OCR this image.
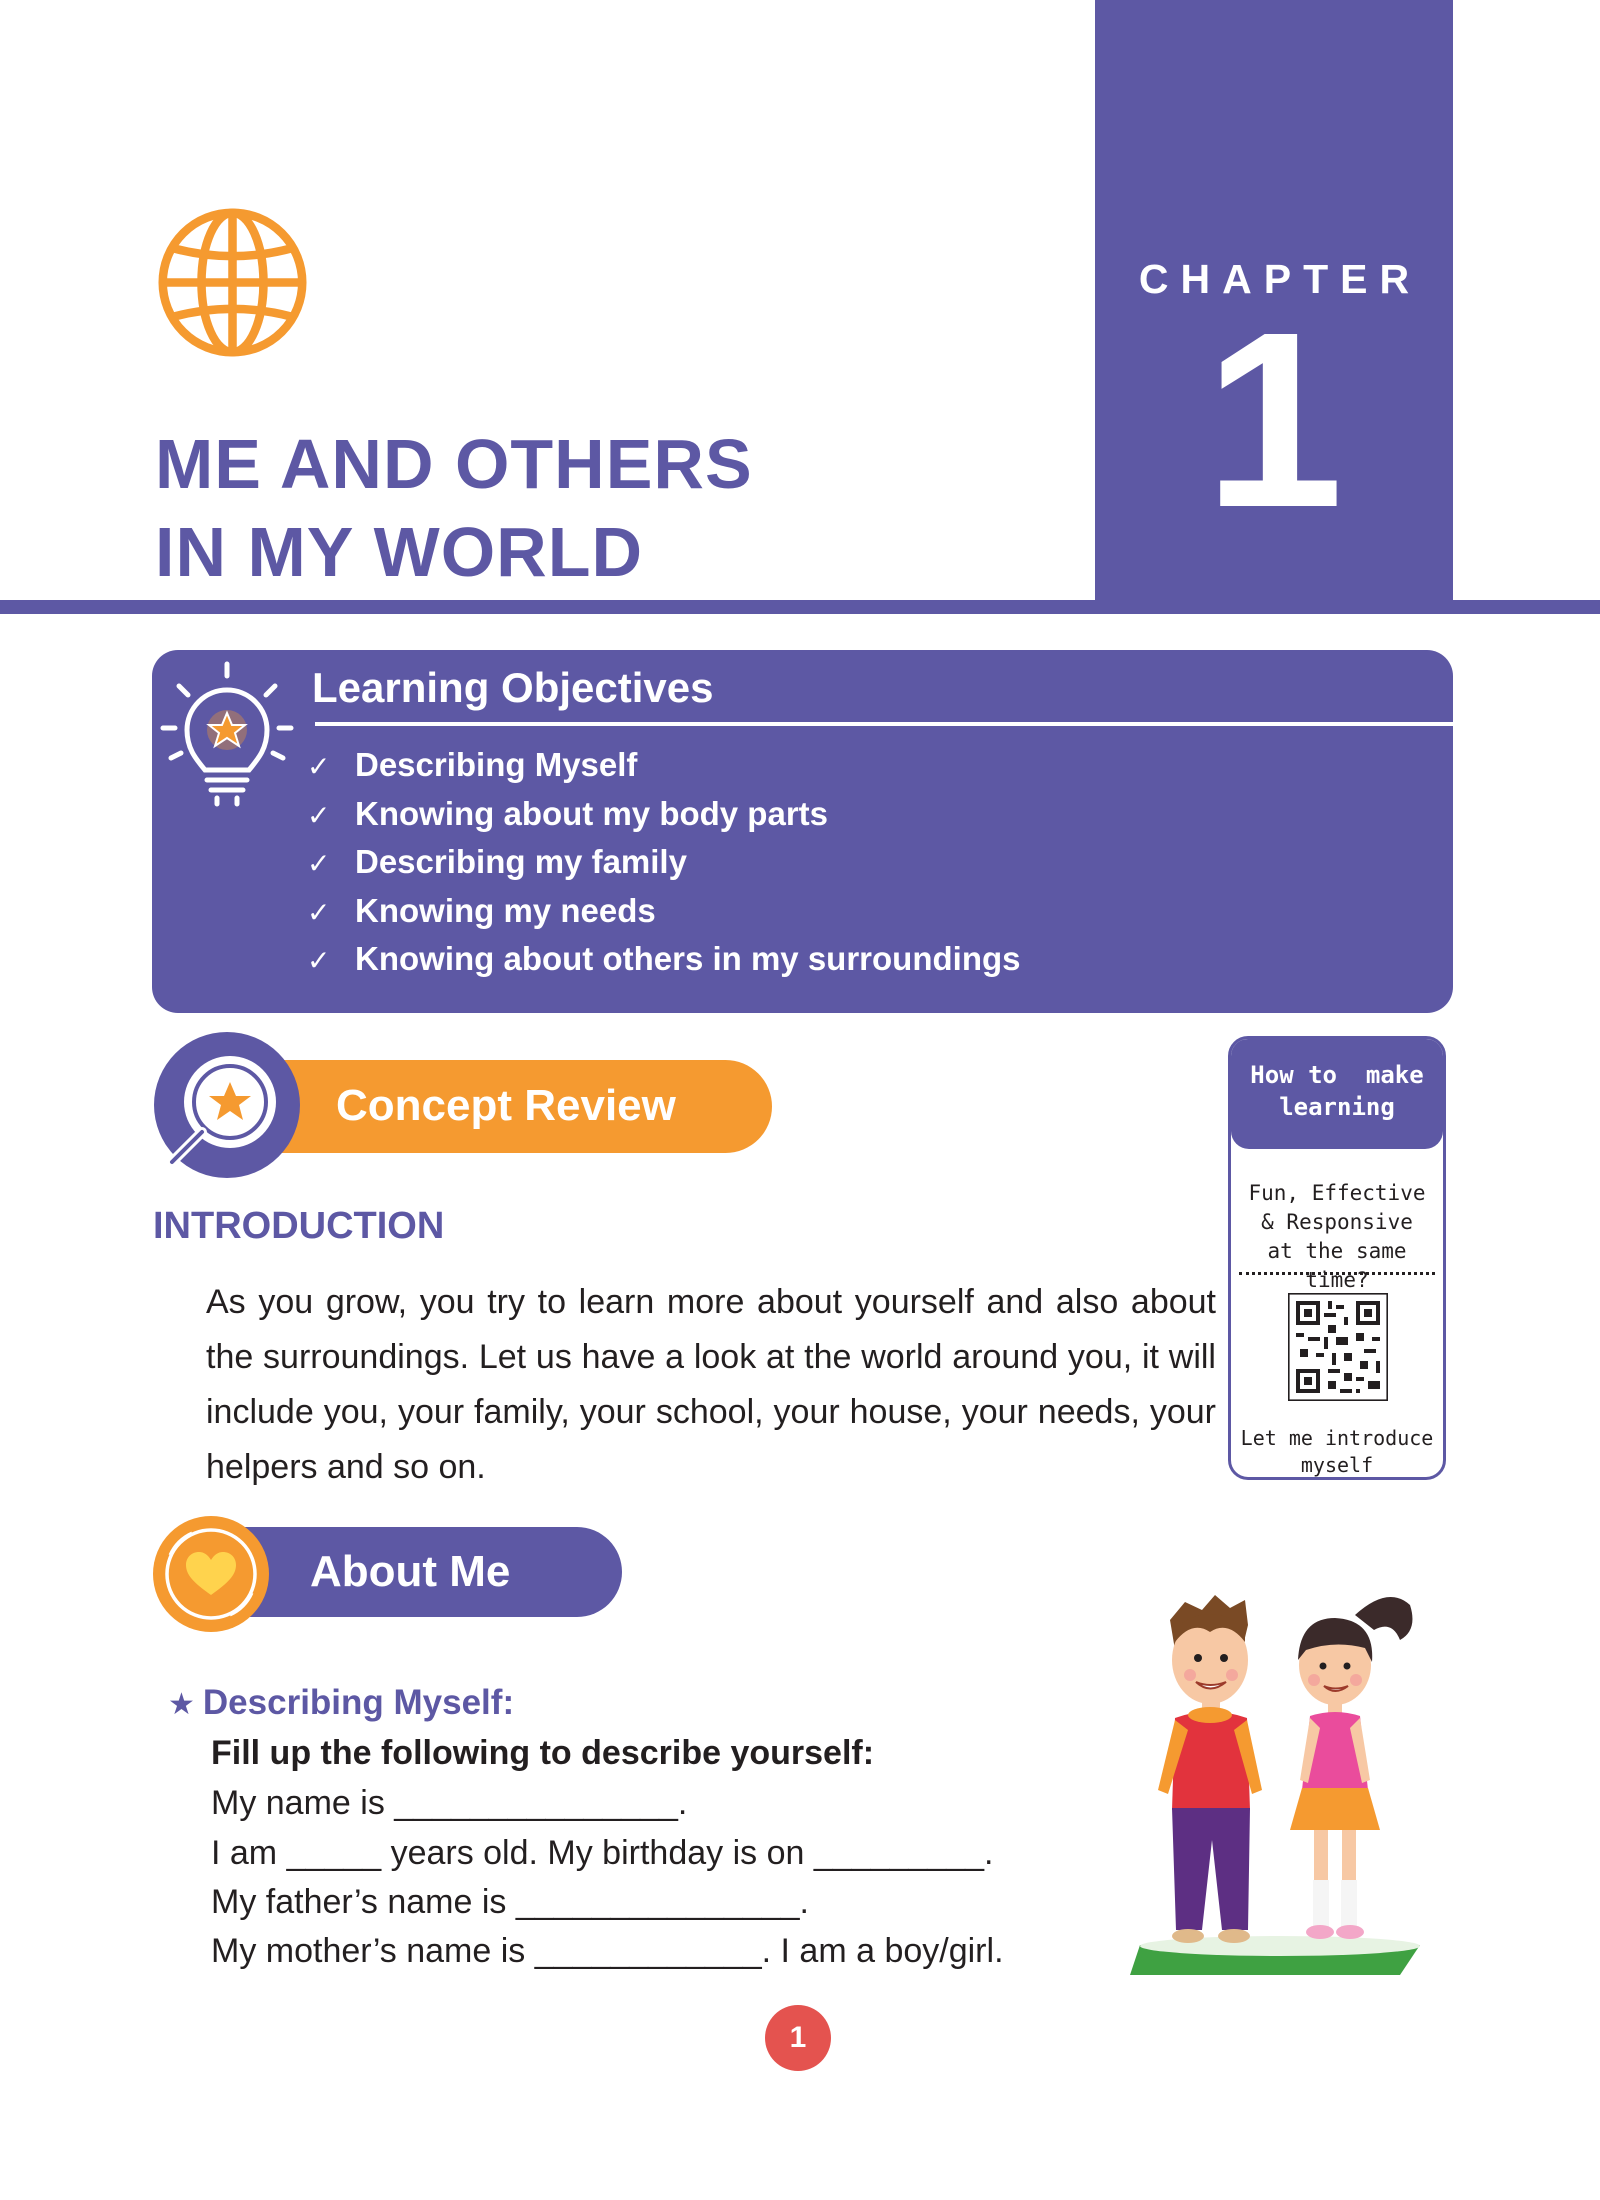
CHAPTER
1
ME AND OTHERS
IN MY WORLD
Learning Objectives
✓ Describing Myself
✓ Knowing about my body parts
✓ Describing my family
✓ Knowing my needs
✓ Knowing about others in my surroundings
Concept Review
INTRODUCTION

As you grow, you try to learn more about yourself and also about the surroundings. Let us have a look at the world around you, it will include you, your family, your school, your house, your needs, your helpers and so on.

How to  make
learning
Fun, Effective
& Responsive
at the same time?
Let me introduce
myself
About Me
★ Describing Myself:
Fill up the following to describe yourself:
My name is _______________.
I am _____ years old. My birthday is on _________.
My father’s name is _______________.
My mother’s name is ____________. I am a boy/girl.
1
